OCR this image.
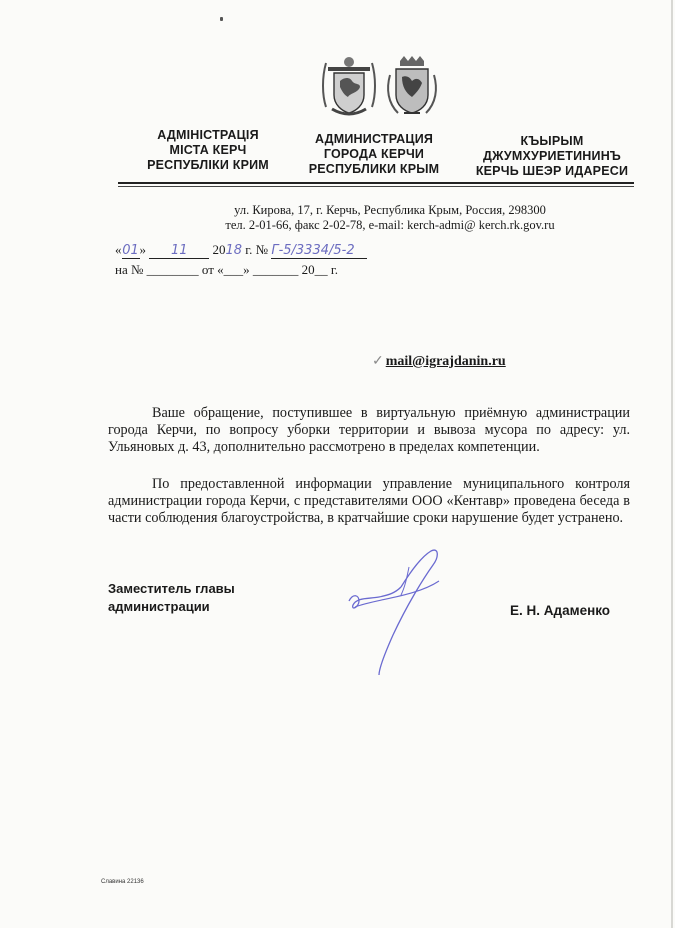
АДМІНІСТРАЦІЯ
МІСТА КЕРЧ
РЕСПУБЛІКИ КРИМ
АДМИНИСТРАЦИЯ
ГОРОДА КЕРЧИ
РЕСПУБЛИКИ КРЫМ
КЪЫРЫМ
ДЖУМХУРИЕТИНИНЪ
КЕРЧЬ ШЕЭР ИДАРЕСИ
ул. Кирова, 17, г. Керчь, Республика Крым, Россия, 298300
тел. 2-01-66, факс 2-02-78, e-mail: kerch-admi@ kerch.rk.gov.ru
«01» 11 2018 г. № Г-5/3334/5-2
на № ________ от «___» _______ 20__ г.
✓ mail@igrajdanin.ru

Ваше обращение, поступившее в виртуальную приёмную администрации города Керчи, по вопросу уборки территории и вывоза мусора по адресу: ул. Ульяновых д. 43, дополнительно рассмотрено в пределах компетенции.

По предоставленной информации управление муниципального контроля администрации города Керчи, с представителями ООО «Кентавр» проведена беседа в части соблюдения благоустройства, в кратчайшие сроки нарушение будет устранено.

Заместитель главы
администрации	Е. Н. Адаменко
Славина 22136
